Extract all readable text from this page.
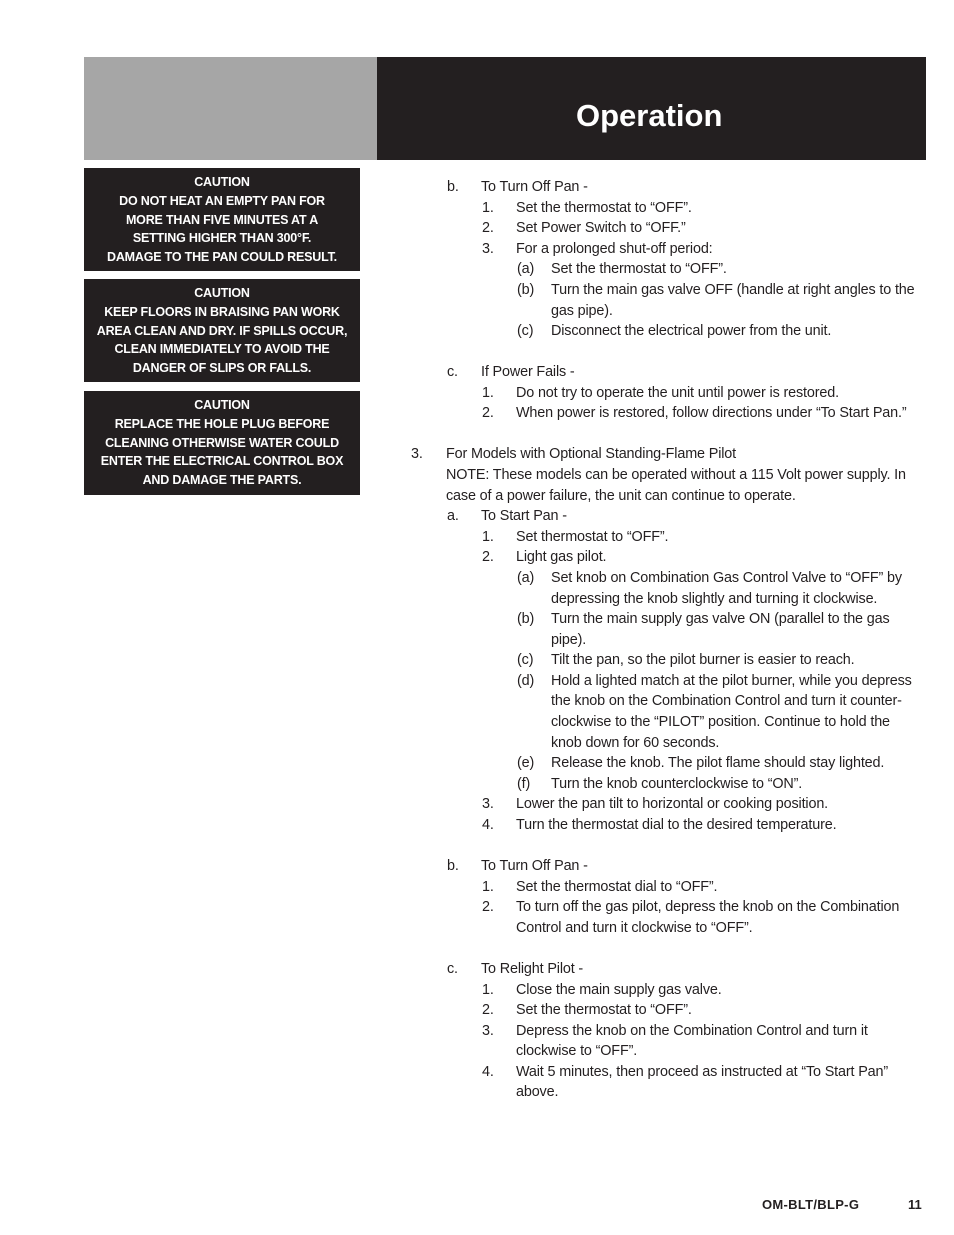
Operation
CAUTION
DO NOT HEAT AN EMPTY PAN FOR
MORE THAN FIVE MINUTES AT A
SETTING HIGHER THAN 300°F.
DAMAGE TO THE PAN COULD RESULT.
CAUTION
KEEP FLOORS IN BRAISING PAN WORK
AREA CLEAN AND DRY. IF SPILLS OCCUR,
CLEAN IMMEDIATELY TO AVOID THE
DANGER OF SLIPS OR FALLS.
CAUTION
REPLACE THE HOLE PLUG BEFORE
CLEANING OTHERWISE WATER COULD
ENTER THE ELECTRICAL CONTROL BOX
AND DAMAGE THE PARTS.
b. To Turn Off Pan -
1. Set the thermostat to “OFF”.
2. Set Power Switch to “OFF.”
3. For a prolonged shut-off period:
(a) Set the thermostat to “OFF”.
(b) Turn the main gas valve OFF (handle at right angles to the
gas pipe).
(c) Disconnect the electrical power from the unit.
c. If Power Fails -
1. Do not try to operate the unit until power is restored.
2. When power is restored, follow directions under “To Start Pan.”
3. For Models with Optional Standing-Flame Pilot
NOTE: These models can be operated without a 115 Volt power supply. In
case of a power failure, the unit can continue to operate.
a. To Start Pan -
1. Set thermostat to “OFF”.
2. Light gas pilot.
(a) Set knob on Combination Gas Control Valve to “OFF” by
depressing the knob slightly and turning it clockwise.
(b) Turn the main supply gas valve ON (parallel to the gas
pipe).
(c) Tilt the pan, so the pilot burner is easier to reach.
(d) Hold a lighted match at the pilot burner, while you depress
the knob on the Combination Control and turn it counter-
clockwise to the “PILOT” position. Continue to hold the
knob down for 60 seconds.
(e) Release the knob. The pilot flame should stay lighted.
(f) Turn the knob counterclockwise to “ON”.
3. Lower the pan tilt to horizontal or cooking position.
4. Turn the thermostat dial to the desired temperature.
b. To Turn Off Pan -
1. Set the thermostat dial to “OFF”.
2. To turn off the gas pilot, depress the knob on the Combination
Control and turn it clockwise to “OFF”.
c. To Relight Pilot -
1. Close the main supply gas valve.
2. Set the thermostat to “OFF”.
3. Depress the knob on the Combination Control and turn it
clockwise to “OFF”.
4. Wait 5 minutes, then proceed as instructed at “To Start Pan”
above.
OM-BLT/BLP-G	11
